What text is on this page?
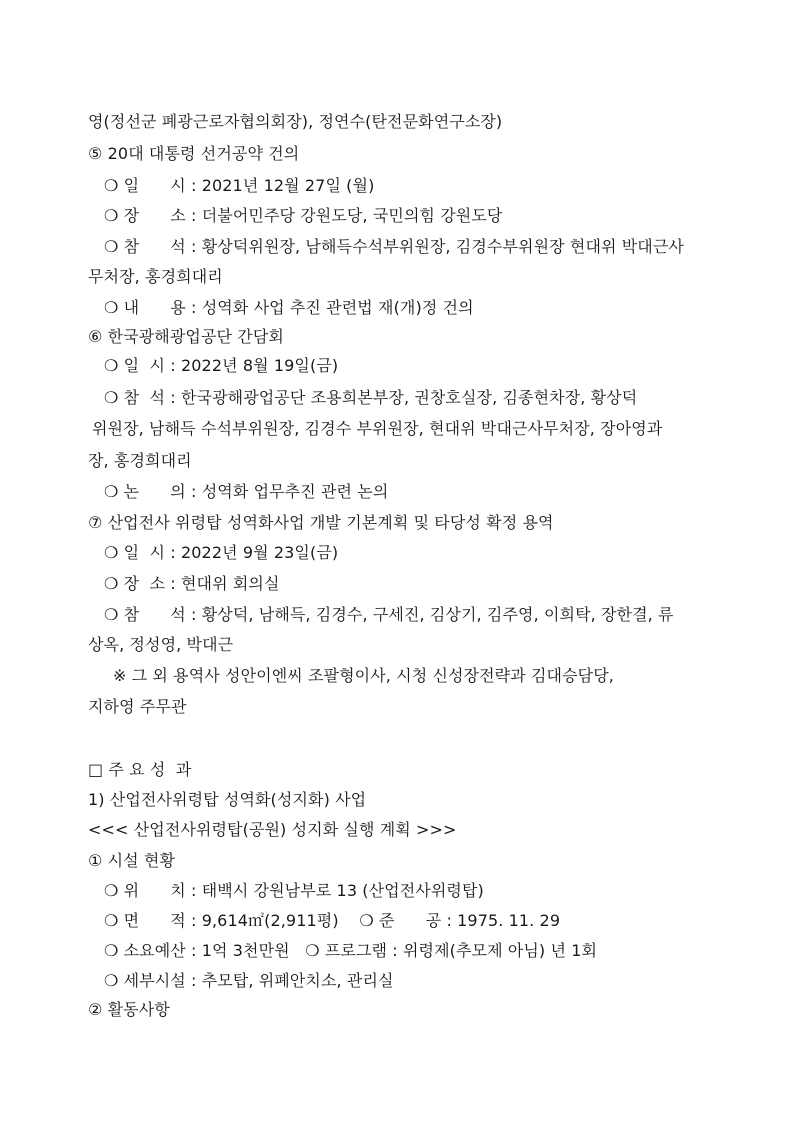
영(정선군 폐광근로자협의회장), 정연수(탄전문화연구소장)
⑤ 20대 대통령 선거공약 건의
❍ 일      시 : 2021년 12월 27일 (월)
❍ 장      소 : 더불어민주당 강원도당, 국민의힘 강원도당
❍ 참      석 : 황상덕위원장, 남해득수석부위원장, 김경수부위원장 현대위 박대근사
무처장, 홍경희대리
❍ 내      용 : 성역화 사업 추진 관련법 재(개)정 건의
⑥ 한국광해광업공단 간담회
❍ 일  시 : 2022년 8월 19일(금)
❍ 참  석 : 한국광해광업공단 조용희본부장, 권창호실장, 김종현차장, 황상덕
위원장, 남해득 수석부위원장, 김경수 부위원장, 현대위 박대근사무처장, 장아영과
장, 홍경희대리
❍ 논      의 : 성역화 업무추진 관련 논의
⑦ 산업전사 위령탑 성역화사업 개발 기본계획 및 타당성 확정 용역
❍ 일  시 : 2022년 9월 23일(금)
❍ 장  소 : 현대위 회의실
❍ 참      석 : 황상덕, 남해득, 김경수, 구세진, 김상기, 김주영, 이희탁, 장한결, 류
상옥, 정성영, 박대근
※ 그 외 용역사 성안이엔씨 조팔형이사, 시청 신성장전략과 김대승담당,
지하영 주무관
□ 주 요 성  과
1) 산업전사위령탑 성역화(성지화) 사업
<<< 산업전사위령탑(공원) 성지화 실행 계획 >>>
① 시설 현황
❍ 위      치 : 태백시 강원남부로 13 (산업전사위령탑)
❍ 면      적 : 9,614㎡(2,911평)    ❍ 준      공 : 1975. 11. 29
❍ 소요예산 : 1억 3천만원   ❍ 프로그램 : 위령제(추모제 아님) 년 1회
❍ 세부시설 : 추모탑, 위폐안치소, 관리실
② 활동사항
